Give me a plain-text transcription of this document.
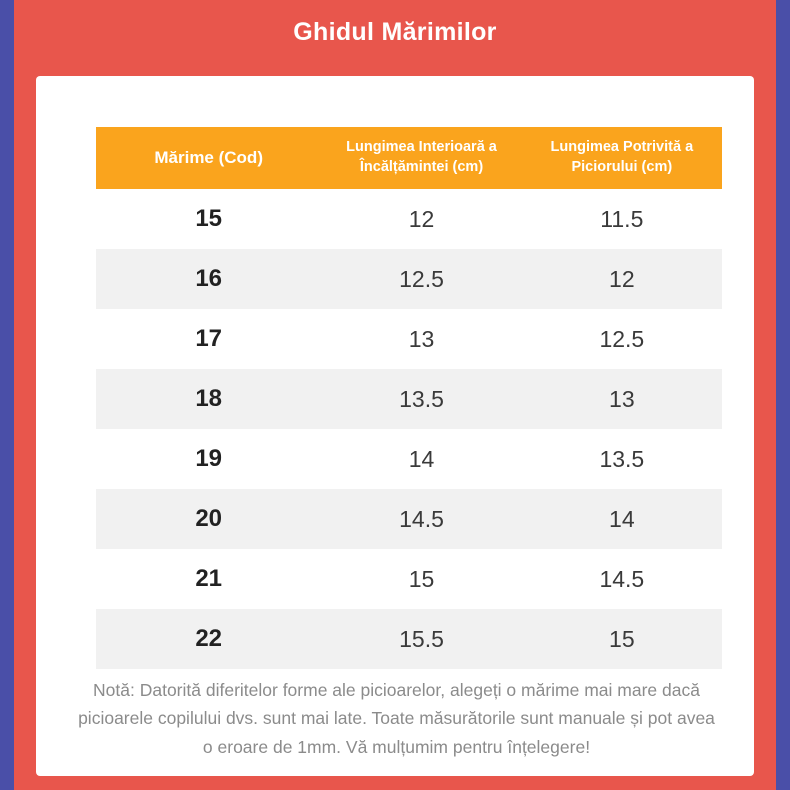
Ghidul Mărimilor
Mărime (Cod)	Lungimea Interioară a Încălțămintei (cm)	Lungimea Potrivită a Piciorului (cm)
15	12	11.5
16	12.5	12
17	13	12.5
18	13.5	13
19	14	13.5
20	14.5	14
21	15	14.5
22	15.5	15
Notă: Datorită diferitelor forme ale picioarelor, alegeți o mărime mai mare dacă picioarele copilului dvs. sunt mai late. Toate măsurătorile sunt manuale și pot avea o eroare de 1mm. Vă mulțumim pentru înțelegere!
